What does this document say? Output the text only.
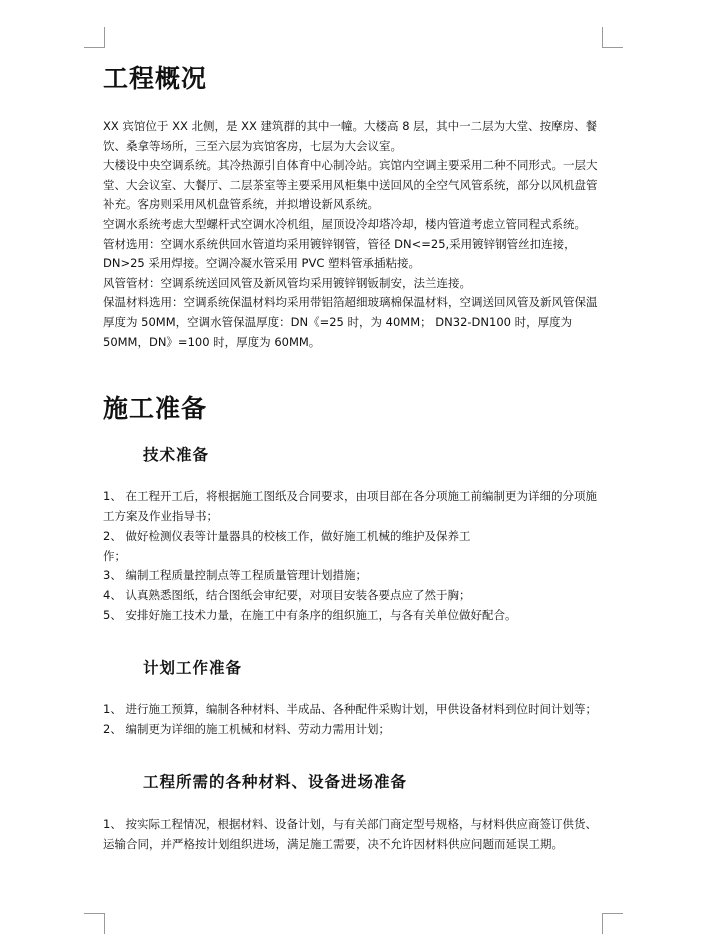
工程概况

XX 宾馆位于 XX 北侧，是 XX 建筑群的其中一幢。大楼高 8 层，其中一二层为大堂、按摩房、餐饮、桑拿等场所，三至六层为宾馆客房，七层为大会议室。

大楼设中央空调系统。其冷热源引自体育中心制冷站。宾馆内空调主要采用二种不同形式。一层大堂、大会议室、大餐厅、二层茶室等主要采用风柜集中送回风的全空气风管系统，部分以风机盘管补充。客房则采用风机盘管系统，并拟增设新风系统。

空调水系统考虑大型螺杆式空调水冷机组，屋顶设冷却塔冷却，楼内管道考虑立管同程式系统。

管材选用：空调水系统供回水管道均采用镀锌钢管，管径 DN<=25,采用镀锌钢管丝扣连接，DN>25 采用焊接。空调冷凝水管采用 PVC 塑料管承插粘接。

风管管材：空调系统送回风管及新风管均采用镀锌钢钣制安，法兰连接。

保温材料选用：空调系统保温材料均采用带铝箔超细玻璃棉保温材料，空调送回风管及新风管保温厚度为 50MM，空调水管保温厚度：DN《=25 时，为 40MM； DN32-DN100 时，厚度为 50MM，DN》=100 时，厚度为 60MM。

施工准备
技术准备

1、 在工程开工后，将根据施工图纸及合同要求，由项目部在各分项施工前编制更为详细的分项施工方案及作业指导书；

2、 做好检测仪表等计量器具的校核工作，做好施工机械的维护及保养工

作；

3、 编制工程质量控制点等工程质量管理计划措施；

4、 认真熟悉图纸，结合图纸会审纪要，对项目安装各要点应了然于胸；

5、 安排好施工技术力量，在施工中有条序的组织施工，与各有关单位做好配合。

计划工作准备

1、 进行施工预算，编制各种材料、半成品、各种配件采购计划，甲供设备材料到位时间计划等；

2、 编制更为详细的施工机械和材料、劳动力需用计划；

工程所需的各种材料、设备进场准备

1、 按实际工程情况，根据材料、设备计划，与有关部门商定型号规格，与材料供应商签订供货、运输合同，并严格按计划组织进场，满足施工需要，决不允许因材料供应问题而延误工期。
